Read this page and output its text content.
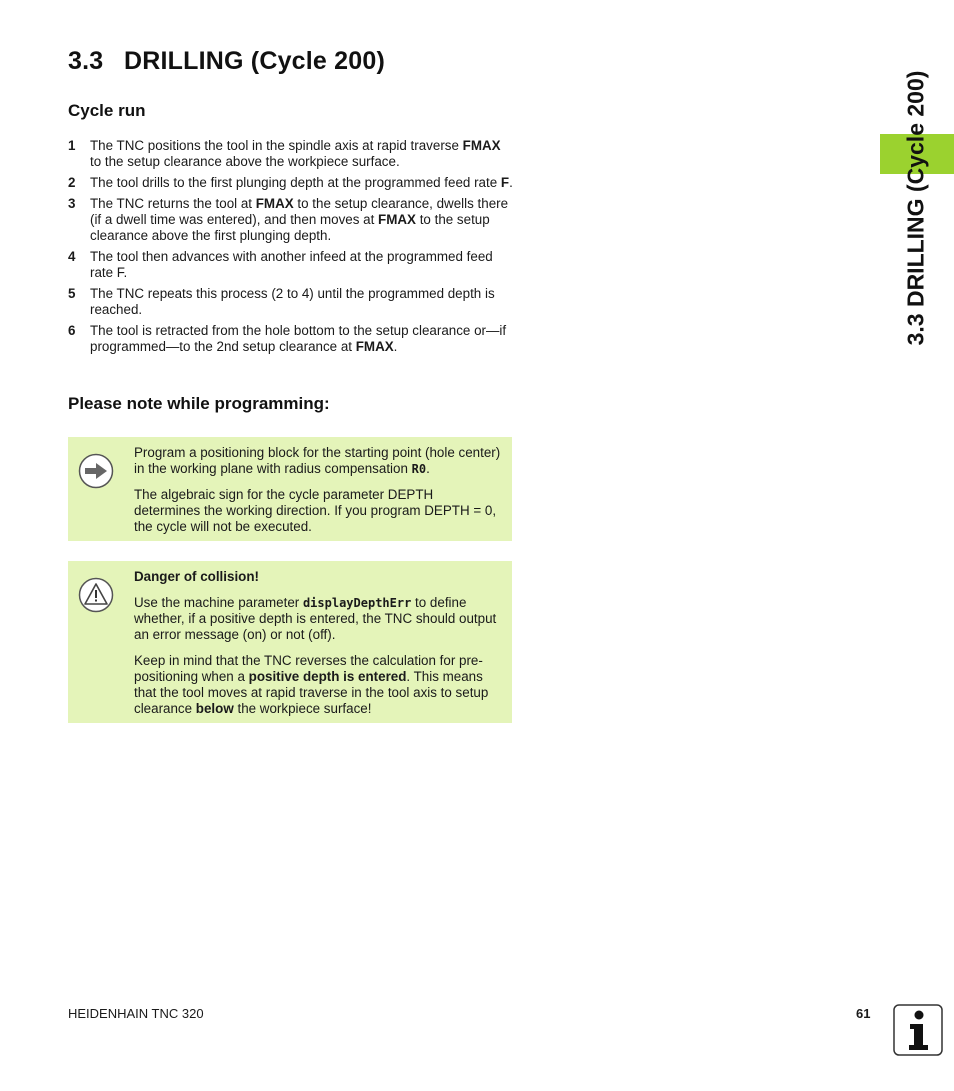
3.3 DRILLING (Cycle 200)
Cycle run
1 The TNC positions the tool in the spindle axis at rapid traverse FMAX to the setup clearance above the workpiece surface.
2 The tool drills to the first plunging depth at the programmed feed rate F.
3 The TNC returns the tool at FMAX to the setup clearance, dwells there (if a dwell time was entered), and then moves at FMAX to the setup clearance above the first plunging depth.
4 The tool then advances with another infeed at the programmed feed rate F.
5 The TNC repeats this process (2 to 4) until the programmed depth is reached.
6 The tool is retracted from the hole bottom to the setup clearance or—if programmed—to the 2nd setup clearance at FMAX.
Please note while programming:

Program a positioning block for the starting point (hole center) in the working plane with radius compensation R0.

The algebraic sign for the cycle parameter DEPTH determines the working direction. If you program DEPTH = 0, the cycle will not be executed.

Danger of collision!

Use the machine parameter displayDepthErr to define whether, if a positive depth is entered, the TNC should output an error message (on) or not (off).

Keep in mind that the TNC reverses the calculation for pre-positioning when a positive depth is entered. This means that the tool moves at rapid traverse in the tool axis to setup clearance below the workpiece surface!

3.3 DRILLING (Cycle 200)
HEIDENHAIN TNC 320	61
